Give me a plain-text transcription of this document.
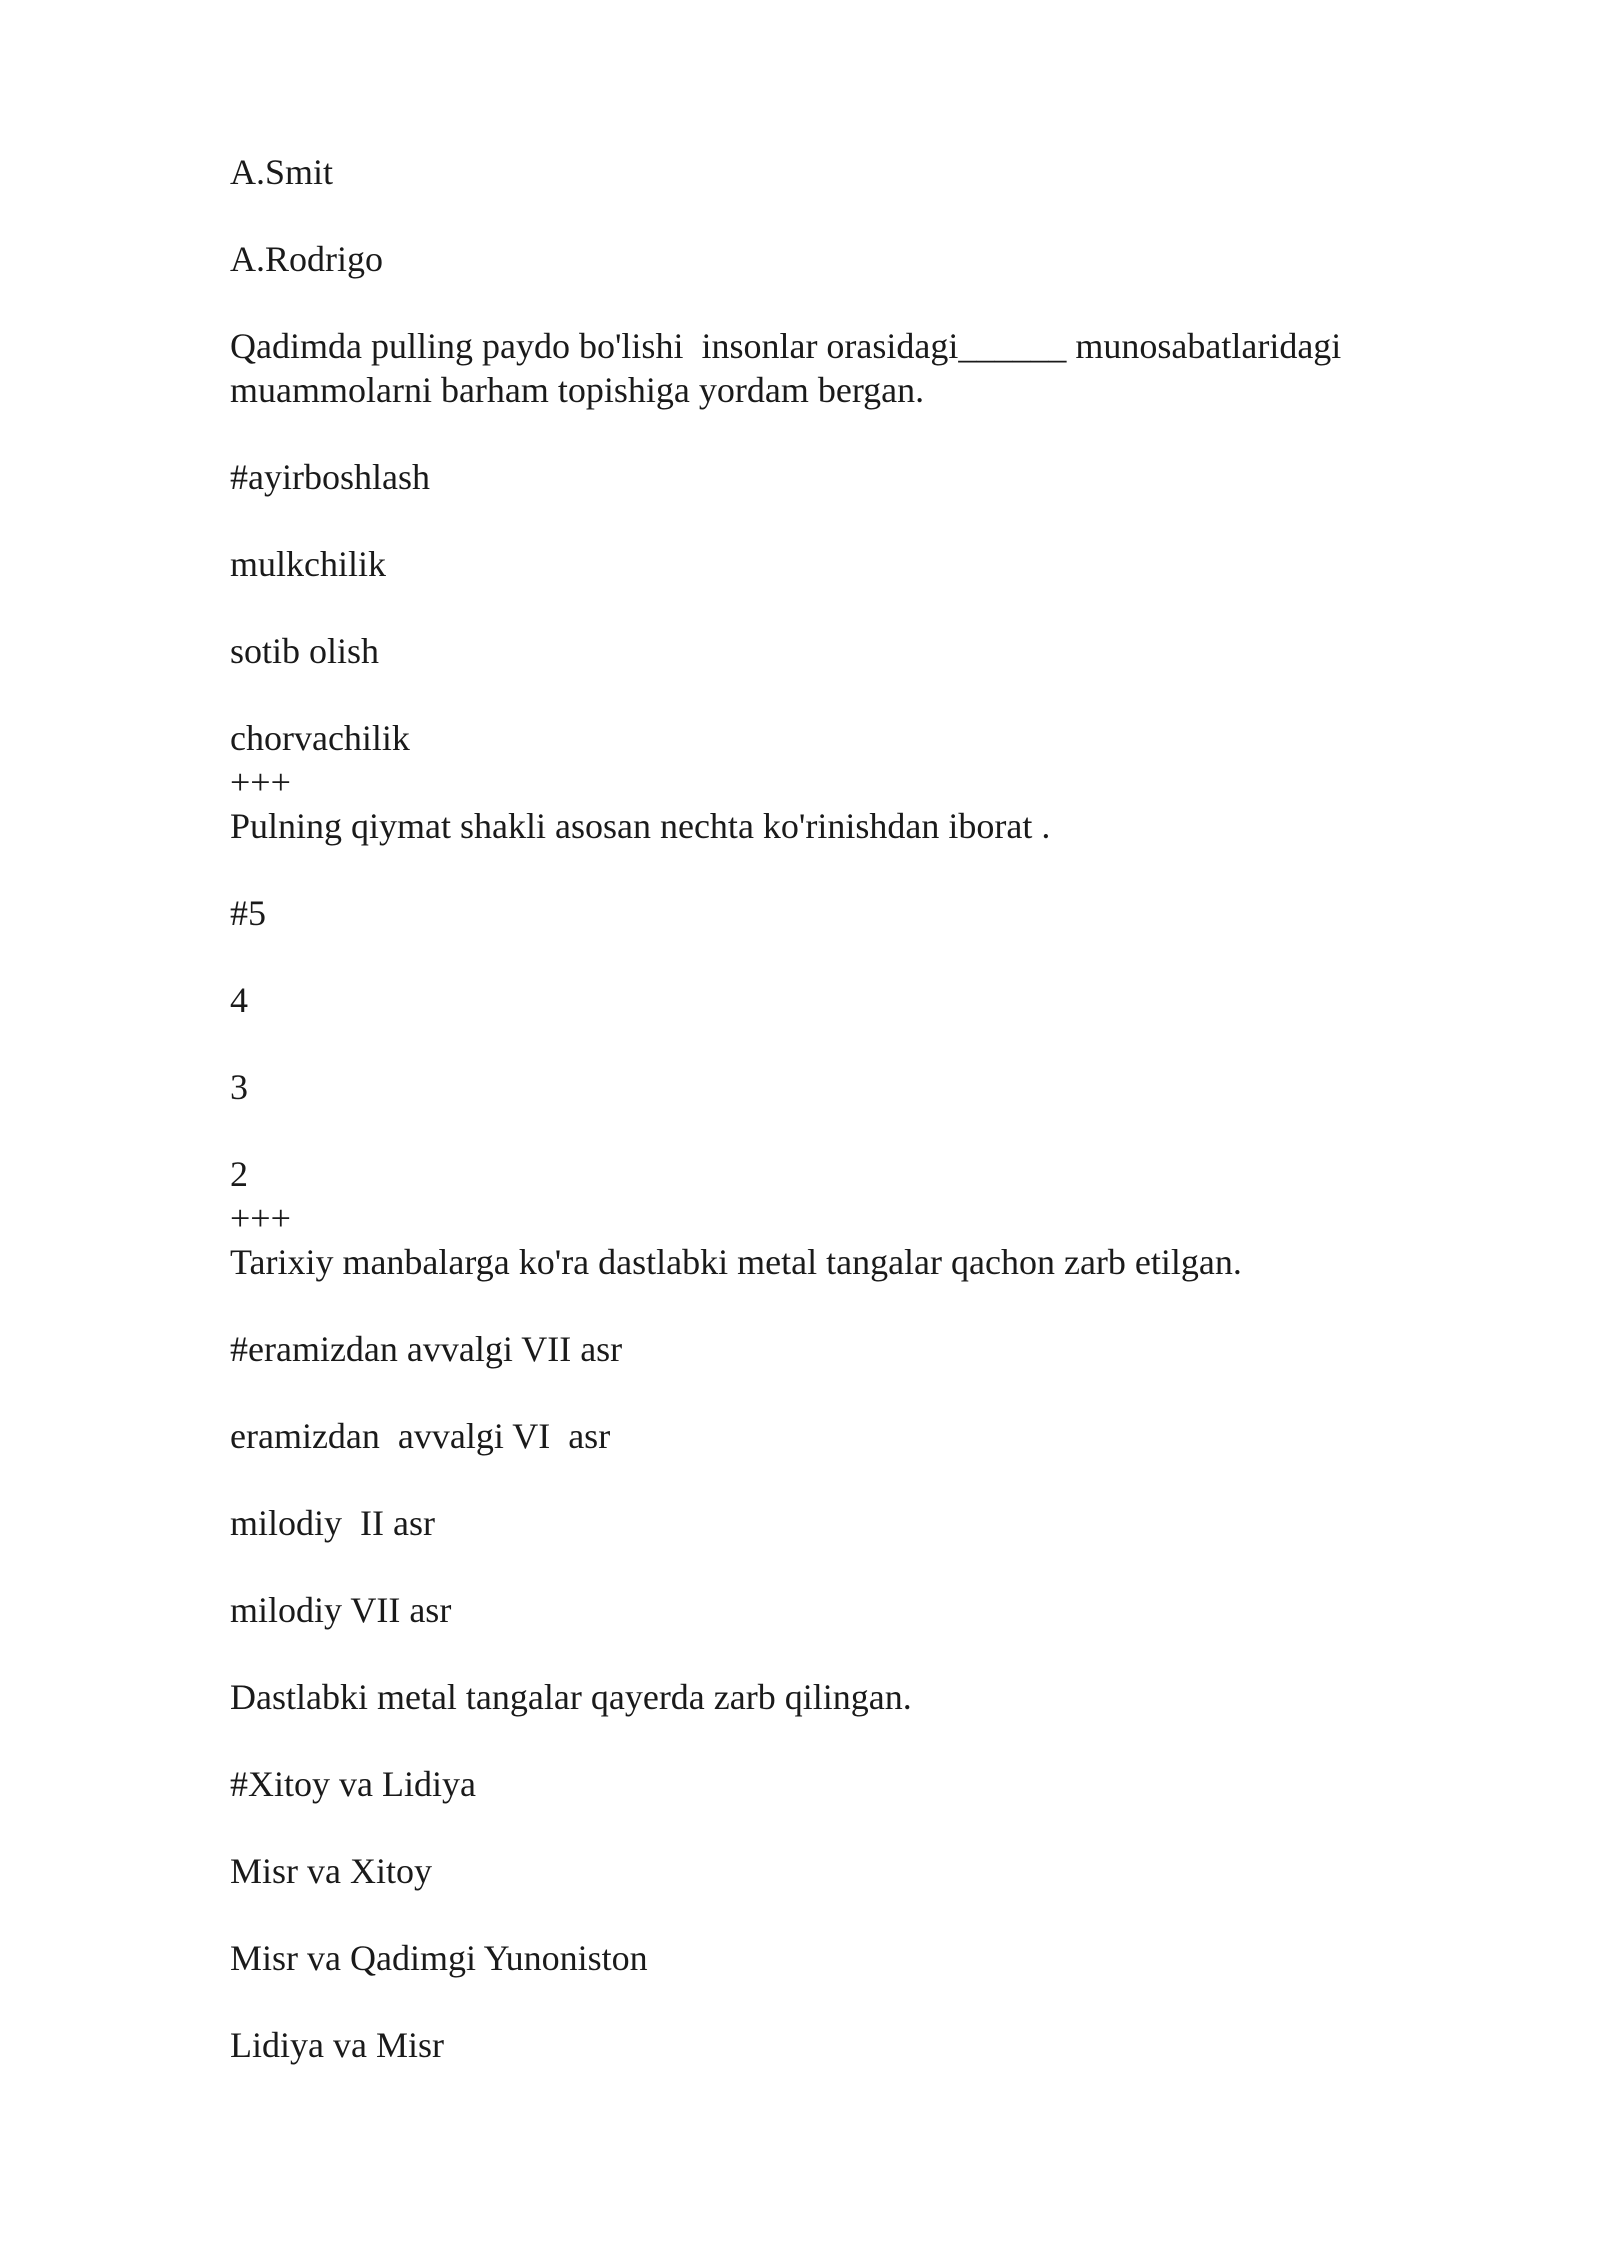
A.Smit
A.Rodrigo
Qadimda pulling paydo bo'lishi  insonlar orasidagi______ munosabatlaridagi muammolarni barham topishiga yordam bergan.
#ayirboshlash
mulkchilik
sotib olish
chorvachilik
+++
Pulning qiymat shakli asosan nechta ko'rinishdan iborat .
#5
4
3
2
+++
Tarixiy manbalarga ko'ra dastlabki metal tangalar qachon zarb etilgan.
#eramizdan avvalgi VII asr
eramizdan  avvalgi VI  asr
milodiy  II asr
milodiy VII asr
Dastlabki metal tangalar qayerda zarb qilingan.
#Xitoy va Lidiya
Misr va Xitoy
Misr va Qadimgi Yunoniston
Lidiya va Misr
